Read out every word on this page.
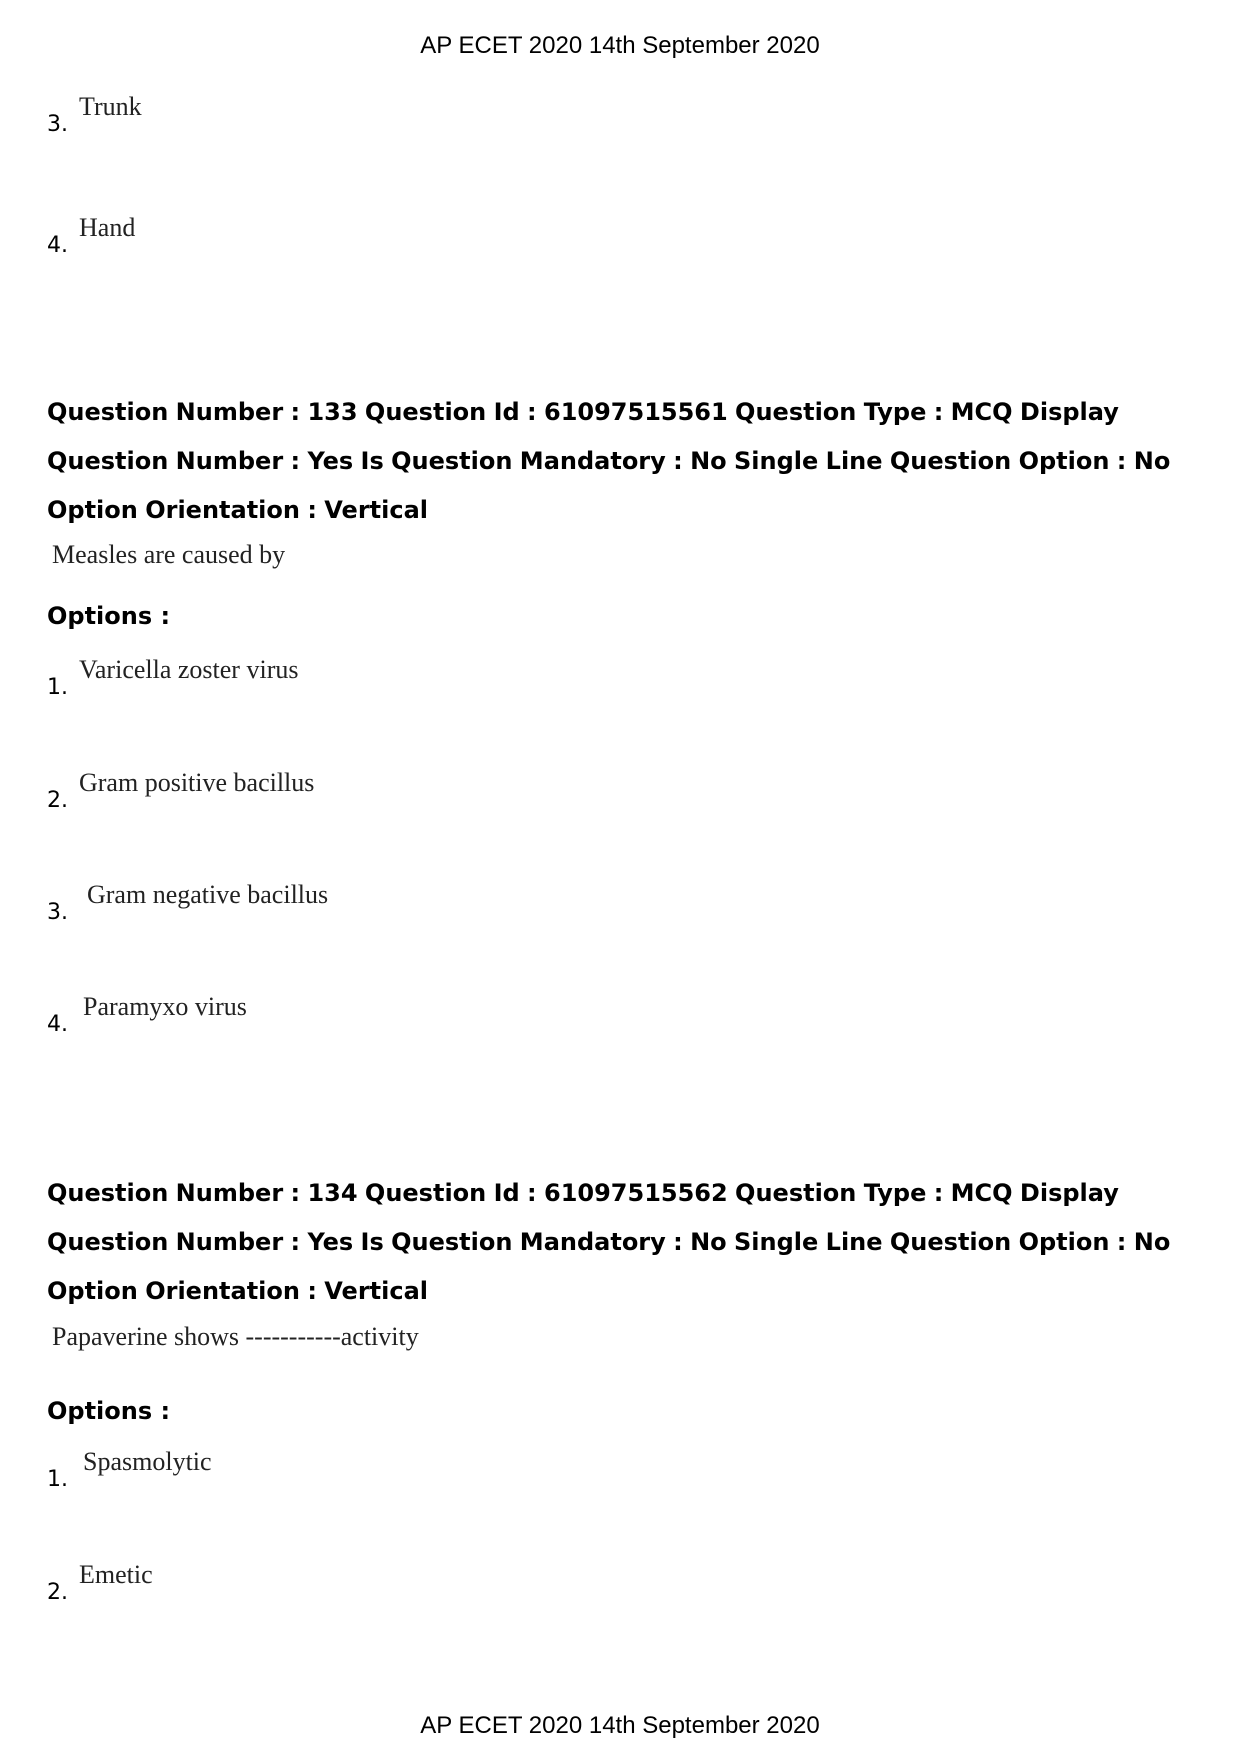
AP ECET 2020 14th September 2020
3.
Trunk
4.
Hand
Question Number : 133 Question Id : 61097515561 Question Type : MCQ Display Question Number : Yes Is Question Mandatory : No Single Line Question Option : No Option Orientation : Vertical
Measles are caused by
Options :
1.
Varicella zoster virus
2.
Gram positive bacillus
3.
Gram negative bacillus
4.
Paramyxo virus
Question Number : 134 Question Id : 61097515562 Question Type : MCQ Display Question Number : Yes Is Question Mandatory : No Single Line Question Option : No Option Orientation : Vertical
Papaverine shows -----------activity
Options :
1.
Spasmolytic
2.
Emetic
AP ECET 2020 14th September 2020
